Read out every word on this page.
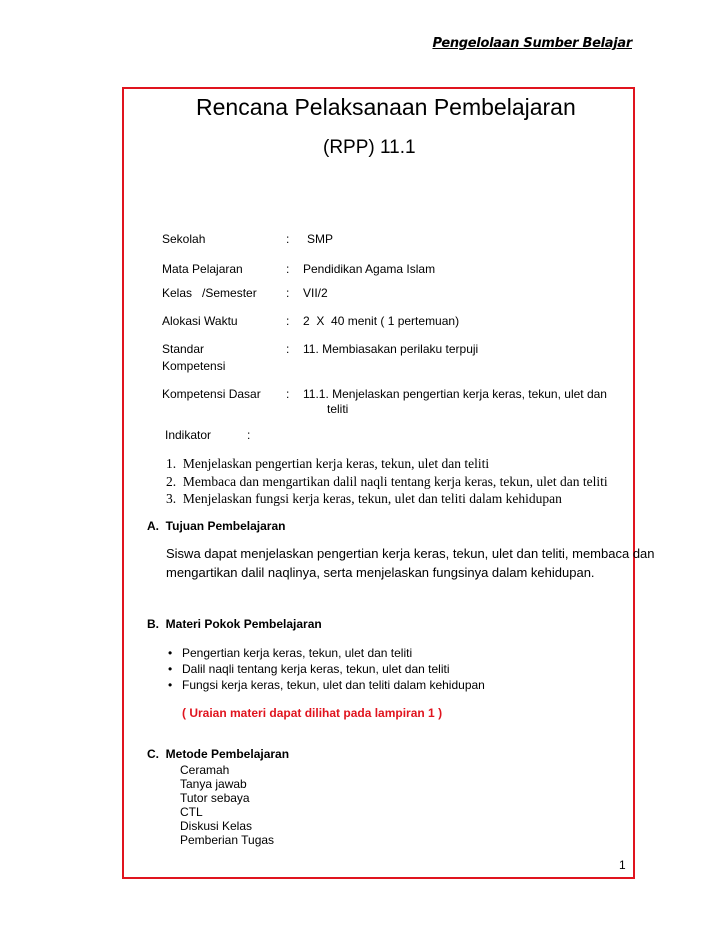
Pengelolaan Sumber Belajar
Rencana Pelaksanaan Pembelajaran
(RPP) 11.1
Sekolah	: SMP
Mata Pelajaran	: Pendidikan Agama Islam
Kelas   /Semester : VII/2
Alokasi Waktu	: 2  X  40 menit ( 1 pertemuan)
Standar
Kompetensi
: 11. Membiasakan perilaku terpuji
Kompetensi Dasar : 11.1. Menjelaskan pengertian kerja keras, tekun, ulet dan
teliti
Indikator	:
1.  Menjelaskan pengertian kerja keras, tekun, ulet dan teliti
2.  Membaca dan mengartikan dalil naqli tentang kerja keras, tekun, ulet dan teliti
3.  Menjelaskan fungsi kerja keras, tekun, ulet dan teliti dalam kehidupan
A.  Tujuan Pembelajaran
Siswa dapat menjelaskan pengertian kerja keras, tekun, ulet dan teliti, membaca dan
mengartikan dalil naqlinya, serta menjelaskan fungsinya dalam kehidupan.
B.  Materi Pokok Pembelajaran
• Pengertian kerja keras, tekun, ulet dan teliti
• Dalil naqli tentang kerja keras, tekun, ulet dan teliti
• Fungsi kerja keras, tekun, ulet dan teliti dalam kehidupan
( Uraian materi dapat dilihat pada lampiran 1 )
C.  Metode Pembelajaran
Ceramah
Tanya jawab
Tutor sebaya
CTL
Diskusi Kelas
Pemberian Tugas
1
